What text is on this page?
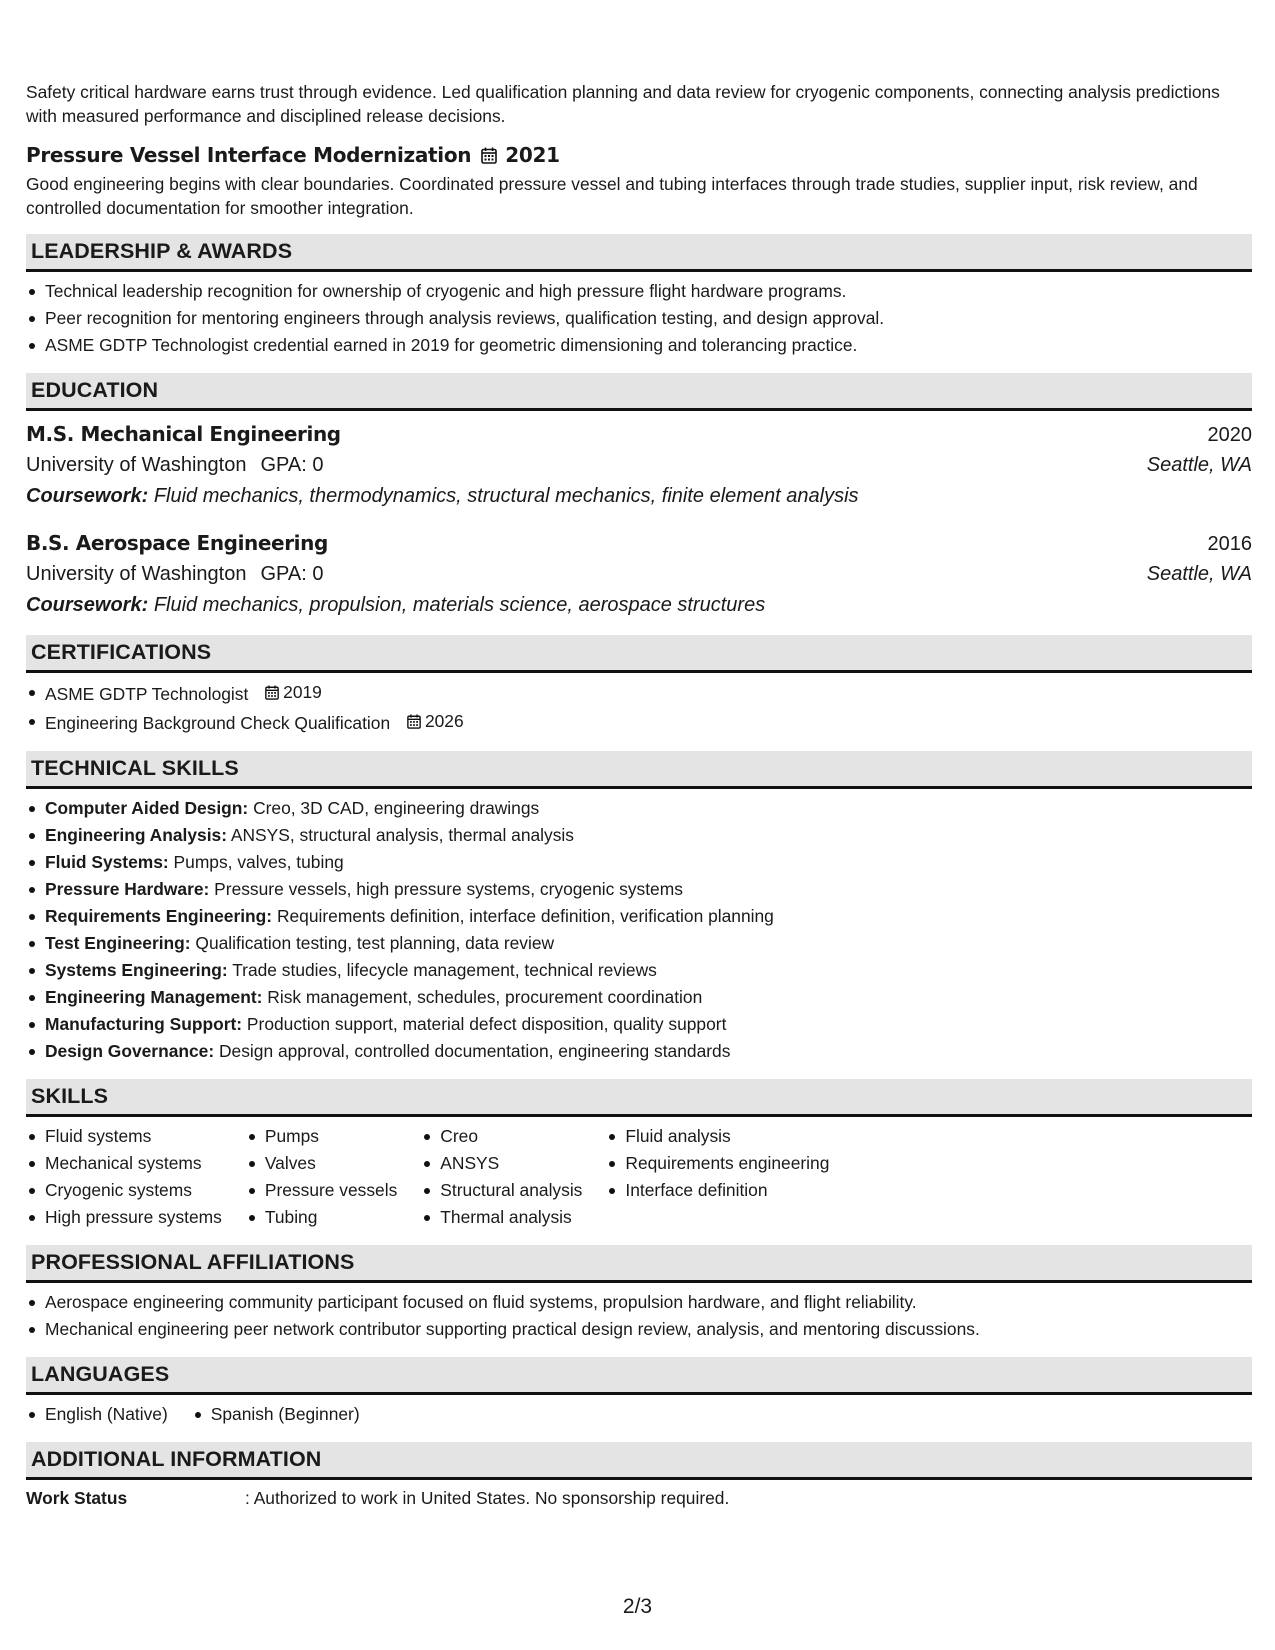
Safety critical hardware earns trust through evidence. Led qualification planning and data review for cryogenic components, connecting analysis predictions with measured performance and disciplined release decisions.

Pressure Vessel Interface Modernization 2021

Good engineering begins with clear boundaries. Coordinated pressure vessel and tubing interfaces through trade studies, supplier input, risk review, and controlled documentation for smoother integration.

LEADERSHIP & AWARDS
Technical leadership recognition for ownership of cryogenic and high pressure flight hardware programs.
Peer recognition for mentoring engineers through analysis reviews, qualification testing, and design approval.
ASME GDTP Technologist credential earned in 2019 for geometric dimensioning and tolerancing practice.
EDUCATION
M.S. Mechanical Engineering	2020
University of Washington GPA: 0	Seattle, WA
Coursework: Fluid mechanics, thermodynamics, structural mechanics, finite element analysis
B.S. Aerospace Engineering	2016
University of Washington GPA: 0	Seattle, WA
Coursework: Fluid mechanics, propulsion, materials science, aerospace structures
CERTIFICATIONS
ASME GDTP Technologist 2019
Engineering Background Check Qualification 2026
TECHNICAL SKILLS
Computer Aided Design: Creo, 3D CAD, engineering drawings
Engineering Analysis: ANSYS, structural analysis, thermal analysis
Fluid Systems: Pumps, valves, tubing
Pressure Hardware: Pressure vessels, high pressure systems, cryogenic systems
Requirements Engineering: Requirements definition, interface definition, verification planning
Test Engineering: Qualification testing, test planning, data review
Systems Engineering: Trade studies, lifecycle management, technical reviews
Engineering Management: Risk management, schedules, procurement coordination
Manufacturing Support: Production support, material defect disposition, quality support
Design Governance: Design approval, controlled documentation, engineering standards
SKILLS
Fluid systems
Mechanical systems
Cryogenic systems
High pressure systems
Pumps
Valves
Pressure vessels
Tubing
Creo
ANSYS
Structural analysis
Thermal analysis
Fluid analysis
Requirements engineering
Interface definition
PROFESSIONAL AFFILIATIONS
Aerospace engineering community participant focused on fluid systems, propulsion hardware, and flight reliability.
Mechanical engineering peer network contributor supporting practical design review, analysis, and mentoring discussions.
LANGUAGES
English (Native)	Spanish (Beginner)
ADDITIONAL INFORMATION
Work Status	: Authorized to work in United States. No sponsorship required.
2/3
